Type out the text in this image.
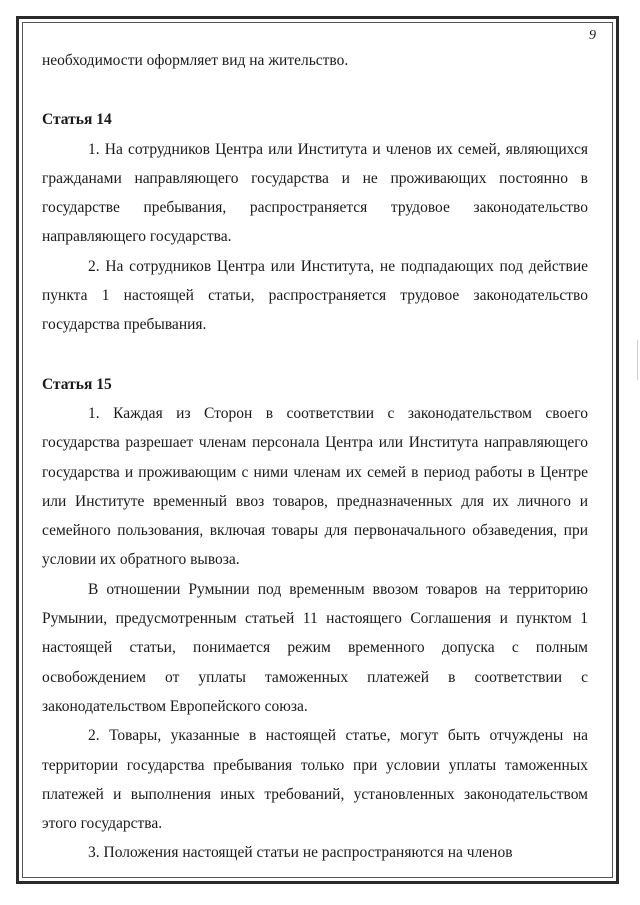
9

необходимости оформляет вид на жительство.

Статья 14

1. На сотрудников Центра или Института и членов их семей, являющихся гражданами направляющего государства и не проживающих постоянно в государстве пребывания, распространяется трудовое законодательство направляющего государства.

2. На сотрудников Центра или Института, не подпадающих под действие пункта 1 настоящей статьи, распространяется трудовое законодательство государства пребывания.

Статья 15

1. Каждая из Сторон в соответствии с законодательством своего государства разрешает членам персонала Центра или Института направляющего государства и проживающим с ними членам их семей в период работы в Центре или Институте временный ввоз товаров, предназначенных для их личного и семейного пользования, включая товары для первоначального обзаведения, при условии их обратного вывоза.

В отношении Румынии под временным ввозом товаров на территорию Румынии, предусмотренным статьей 11 настоящего Соглашения и пунктом 1 настоящей статьи, понимается режим временного допуска с полным освобождением от уплаты таможенных платежей в соответствии с законодательством Европейского союза.

2. Товары, указанные в настоящей статье, могут быть отчуждены на территории государства пребывания только при условии уплаты таможенных платежей и выполнения иных требований, установленных законодательством этого государства.

3. Положения настоящей статьи не распространяются на членов
